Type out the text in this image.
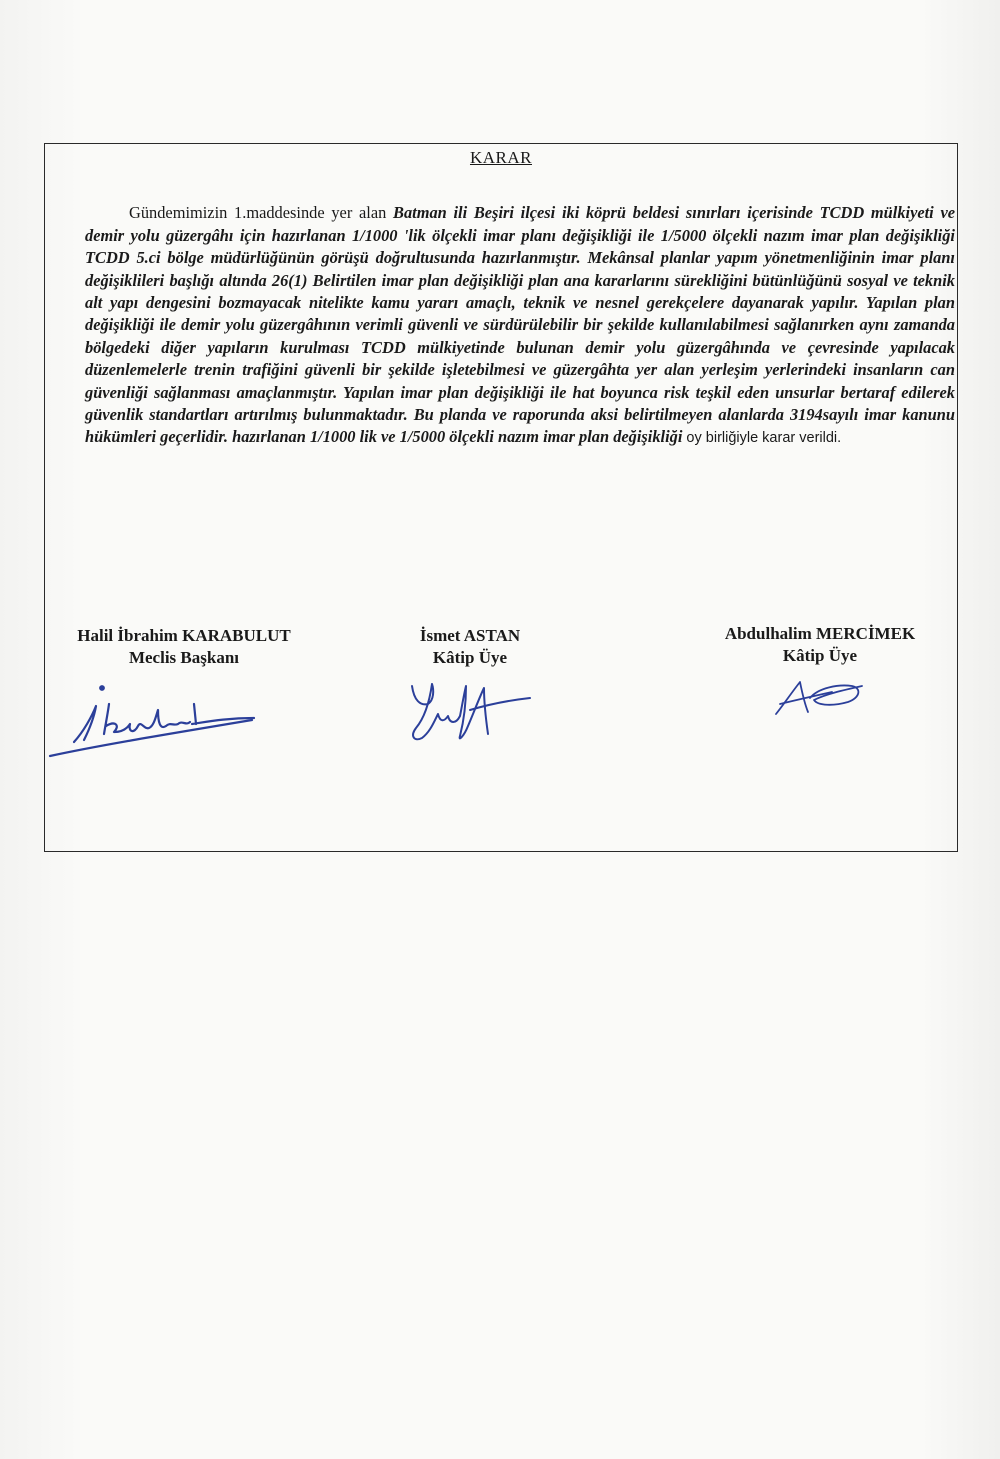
KARAR

Gündemimizin 1.maddesinde yer alan Batman ili Beşiri ilçesi iki köprü beldesi sınırları içerisinde TCDD mülkiyeti ve demir yolu güzergâhı için hazırlanan 1/1000 'lik ölçekli imar planı değişikliği ile 1/5000 ölçekli nazım imar plan değişikliği TCDD 5.ci bölge müdürlüğünün görüşü doğrultusunda hazırlanmıştır. Mekânsal planlar yapım yönetmenliğinin imar planı değişiklileri başlığı altında 26(1) Belirtilen imar plan değişikliği plan ana kararlarını sürekliğini bütünlüğünü sosyal ve teknik alt yapı dengesini bozmayacak nitelikte kamu yararı amaçlı, teknik ve nesnel gerekçelere dayanarak yapılır. Yapılan plan değişikliği ile demir yolu güzergâhının verimli güvenli ve sürdürülebilir bir şekilde kullanılabilmesi sağlanırken aynı zamanda bölgedeki diğer yapıların kurulması TCDD mülkiyetinde bulunan demir yolu güzergâhında ve çevresinde yapılacak düzenlemelerle trenin trafiğini güvenli bir şekilde işletebilmesi ve güzergâhta yer alan yerleşim yerlerindeki insanların can güvenliği sağlanması amaçlanmıştır. Yapılan imar plan değişikliği ile hat boyunca risk teşkil eden unsurlar bertaraf edilerek güvenlik standartları artırılmış bulunmaktadır. Bu planda ve raporunda aksi belirtilmeyen alanlarda 3194sayılı imar kanunu hükümleri geçerlidir. hazırlanan 1/1000 lik ve 1/5000 ölçekli nazım imar plan değişikliği oy birliğiyle karar verildi.

Halil İbrahim KARABULUT
Meclis Başkanı
İsmet ASTAN
Kâtip Üye
Abdulhalim MERCİMEK
Kâtip Üye
